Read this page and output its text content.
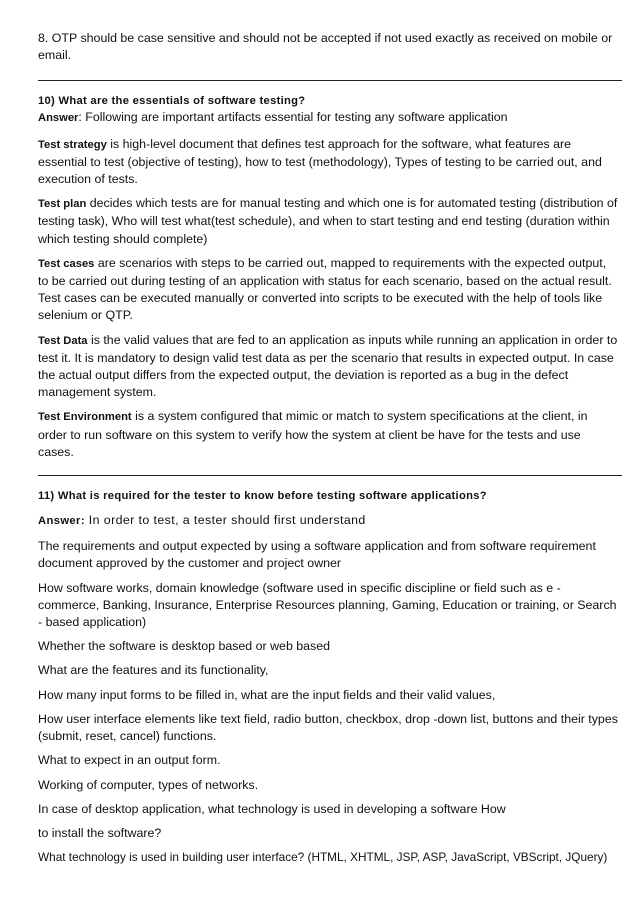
8. OTP should be case sensitive and should not be accepted if not used exactly as received on mobile or email.

10) What are the essentials of software testing?

Answer: Following are important artifacts essential for testing any software application

Test strategy is high-level document that defines test approach for the software, what features are essential to test (objective of testing), how to test (methodology), Types of testing to be carried out, and execution of tests.

Test plan decides which tests are for manual testing and which one is for automated testing (distribution of testing task), Who will test what(test schedule), and when to start testing and end testing (duration within which testing should complete)

Test cases are scenarios with steps to be carried out, mapped to requirements with the expected output, to be carried out during testing of an application with status for each scenario, based on the actual result. Test cases can be executed manually or converted into scripts to be executed with the help of tools like selenium or QTP.

Test Data is the valid values that are fed to an application as inputs while running an application in order to test it. It is mandatory to design valid test data as per the scenario that results in expected output. In case the actual output differs from the expected output, the deviation is reported as a bug in the defect management system.

Test Environment is a system configured that mimic or match to system specifications at the client, in order to run software on this system to verify how the system at client be have for the tests and use cases.

11) What is required for the tester to know before testing software applications?

Answer: In order to test, a tester should first understand

The requirements and output expected by using a software application and from software requirement document approved by the customer and project owner

How software works, domain knowledge (software used in specific discipline or field such as e - commerce, Banking, Insurance, Enterprise Resources planning, Gaming, Education or training, or Search - based application)

Whether the software is desktop based or web based

What are the features and its functionality,

How many input forms to be filled in, what are the input fields and their valid values,

How user interface elements like text field, radio button, checkbox, drop -down list, buttons and their types (submit, reset, cancel) functions.

What to expect in an output form.

Working of computer, types of networks.

In case of desktop application, what technology is used in developing a software How

to install the software?

What technology is used in building user interface? (HTML, XHTML, JSP, ASP, JavaScript, VBScript, JQuery)
